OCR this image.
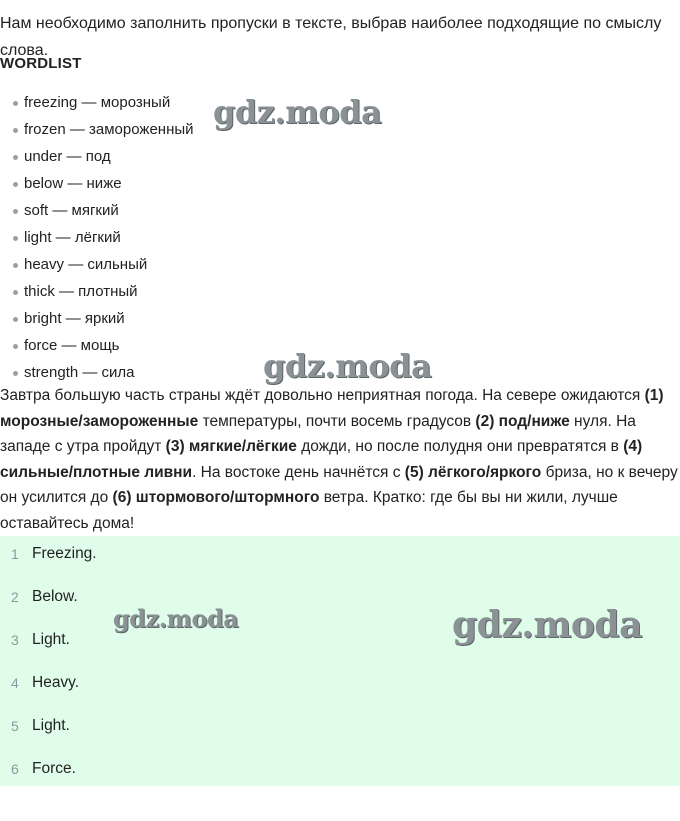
Нам необходимо заполнить пропуски в тексте, выбрав наиболее подходящие по смыслу слова.

WORDLIST

freezing — морозный
frozen — замороженный
under — под
below — ниже
soft — мягкий
light — лёгкий
heavy — сильный
thick — плотный
bright — яркий
force — мощь
strength — сила

Завтра большую часть страны ждёт довольно неприятная погода. На севере ожидаются (1) морозные/замороженные температуры, почти восемь градусов (2) под/ниже нуля. На западе с утра пройдут (3) мягкие/лёгкие дожди, но после полудня они превратятся в (4) сильные/плотные ливни. На востоке день начнётся с (5) лёгкого/яркого бриза, но к вечеру он усилится до (6) штормового/штормного ветра. Кратко: где бы вы ни жили, лучше оставайтесь дома!

1 Freezing.
2 Below.
3 Light.
4 Heavy.
5 Light.
6 Force.
gdz.moda
gdz.moda
gdz.moda	gdz.moda
